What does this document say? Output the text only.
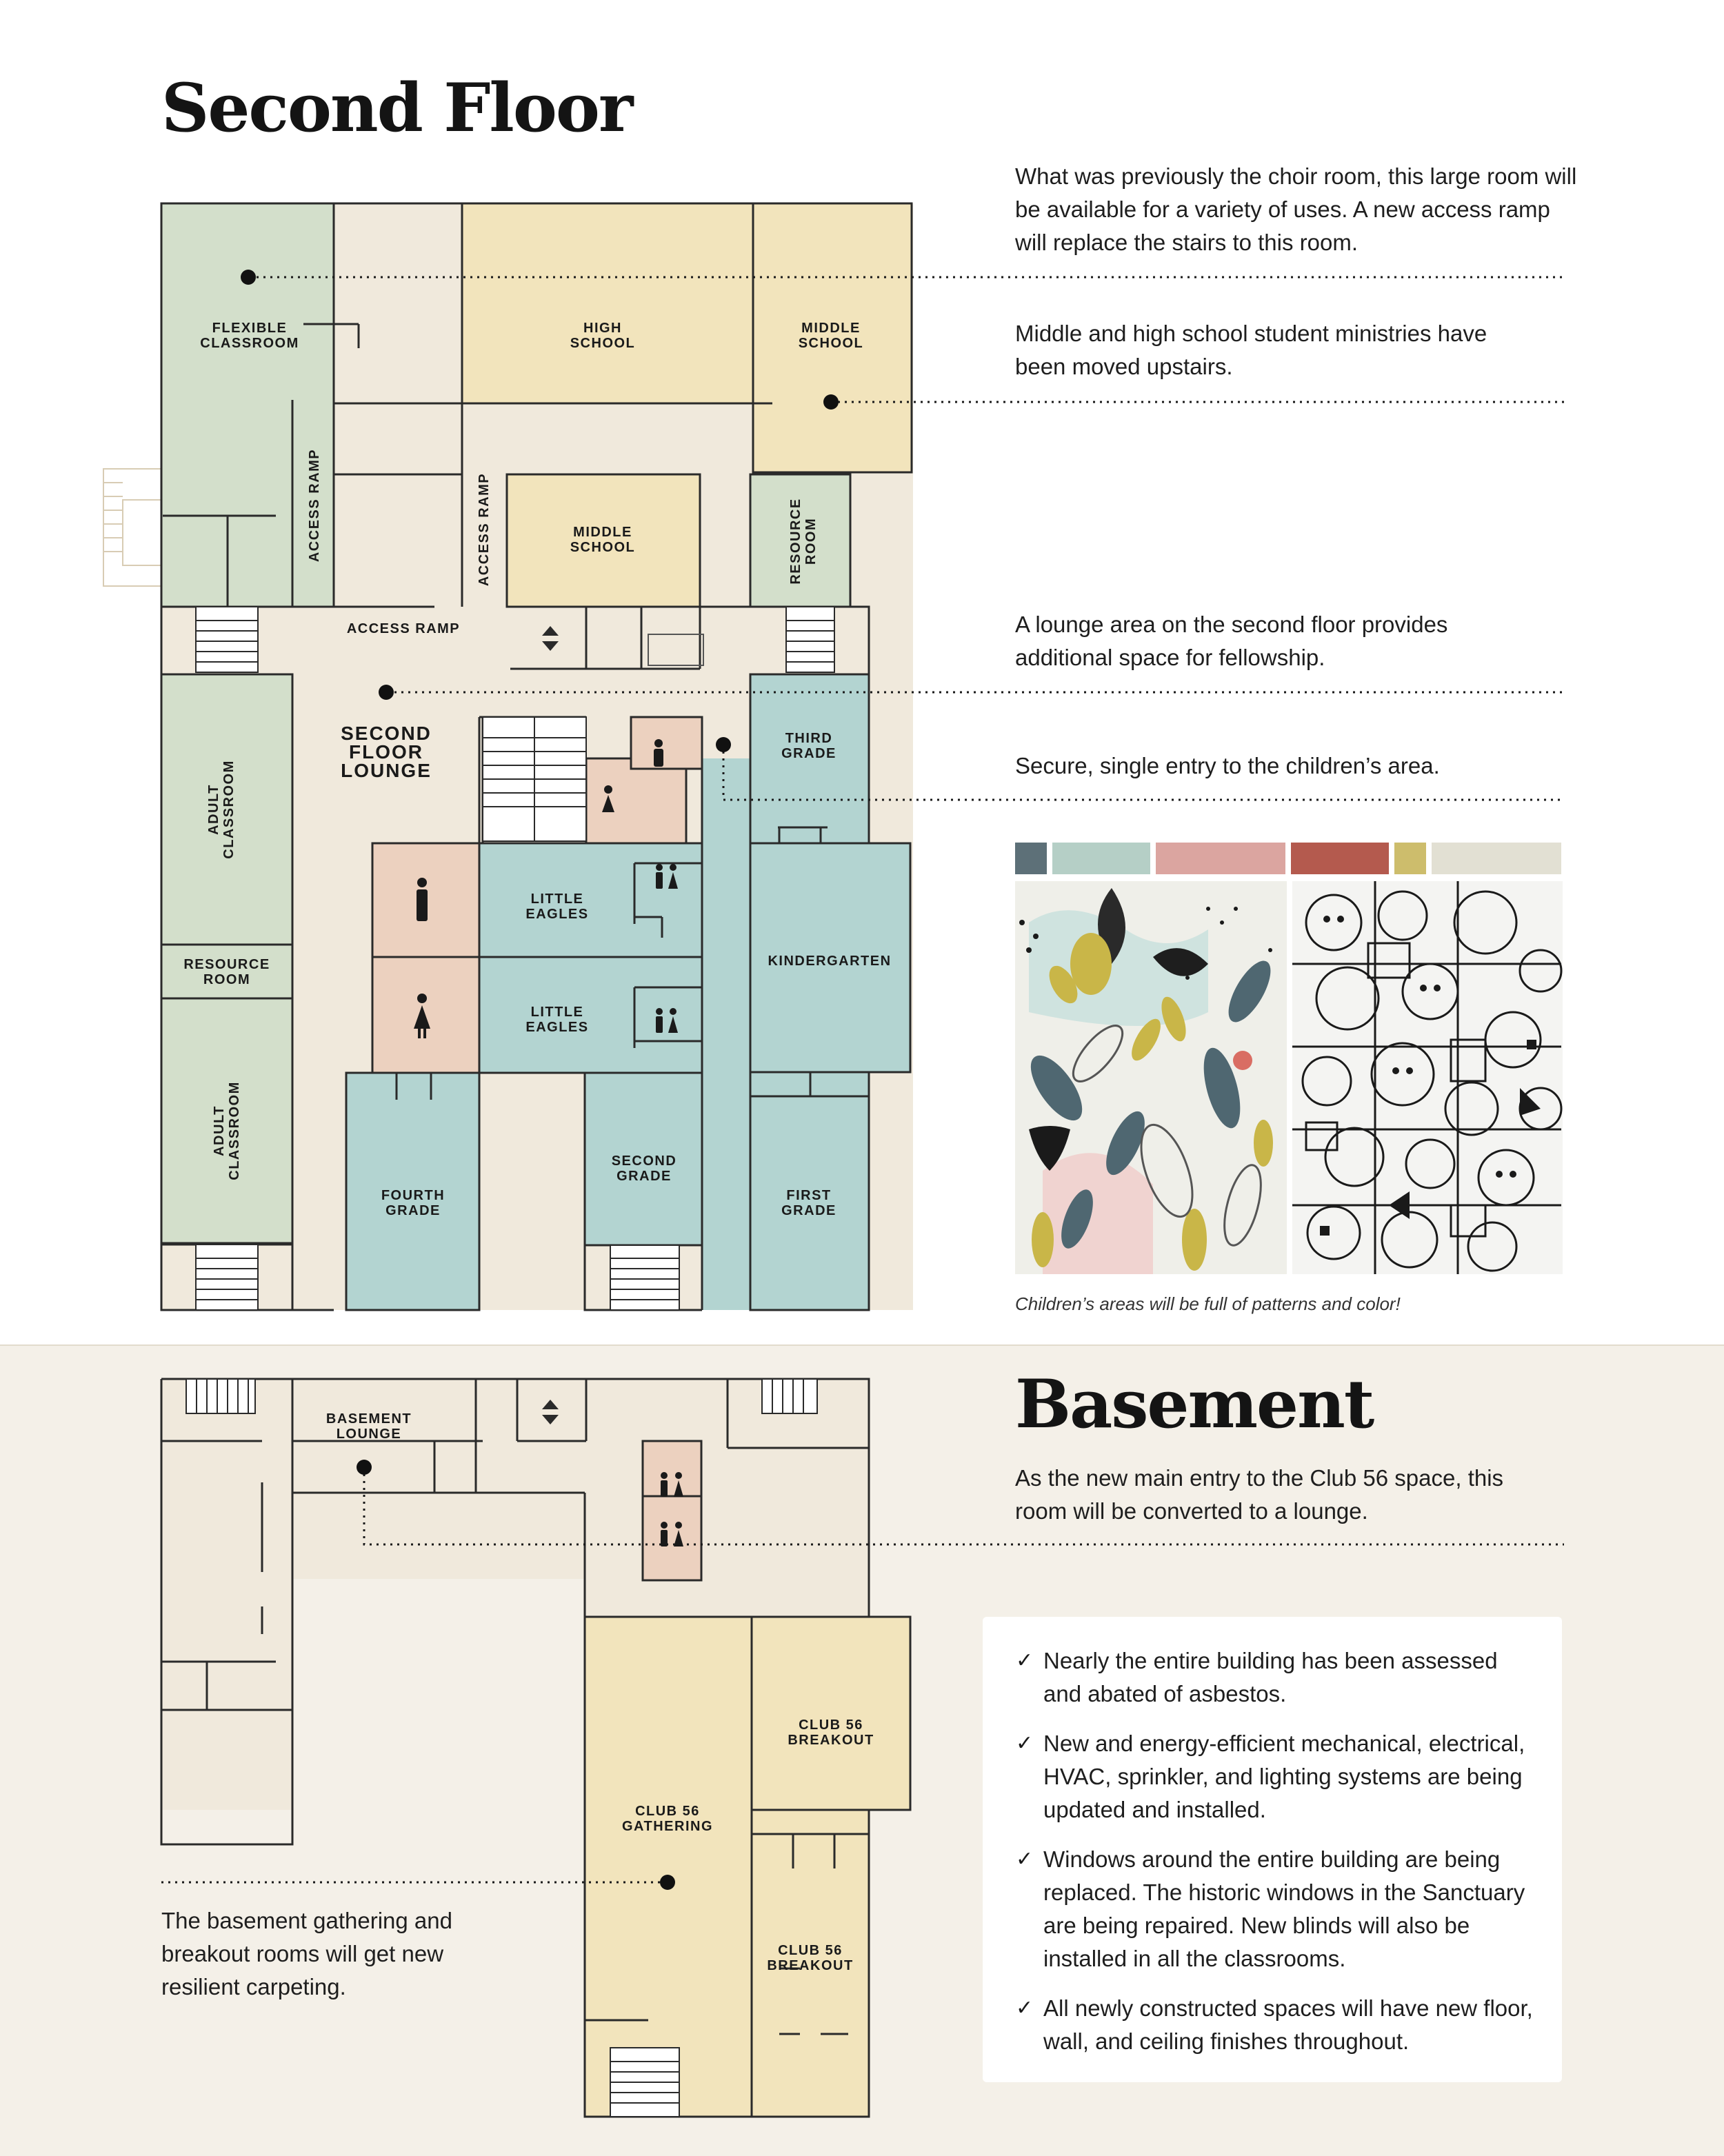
Second Floor

What was previously the choir room, this large room will be available for a variety of uses. A new access ramp will replace the stairs to this room.

Middle and high school student ministries have been moved upstairs.

A lounge area on the second floor provides additional space for fellowship.

Secure, single entry to the children’s area.

FLEXIBLE
CLASSROOM
HIGH
SCHOOL
MIDDLE
SCHOOL
MIDDLE
SCHOOL
ACCESS RAMP	ACCESS RAMP
ACCESS RAMP
RESOURCE ROOM
SECOND
FLOOR
LOUNGE
THIRD
GRADE
ADULT CLASSROOM
RESOURCE
ROOM
ADULT CLASSROOM
LITTLE
EAGLES
LITTLE
EAGLES
KINDERGARTEN
FOURTH
GRADE
SECOND
GRADE
FIRST
GRADE

Children’s areas will be full of patterns and color!

Basement

As the new main entry to the Club 56 space, this room will be converted to a lounge.

The basement gathering and breakout rooms will get new resilient carpeting.

BASEMENT
LOUNGE
CLUB 56
GATHERING
CLUB 56
BREAKOUT
CLUB 56
BREAKOUT
✓ Nearly the entire building has been assessed and abated of asbestos.
✓ New and energy-efficient mechanical, electrical, HVAC, sprinkler, and lighting systems are being updated and installed.
✓ Windows around the entire building are being replaced. The historic windows in the Sanctuary are being repaired. New blinds will also be installed in all the classrooms.
✓ All newly constructed spaces will have new floor, wall, and ceiling finishes throughout.
